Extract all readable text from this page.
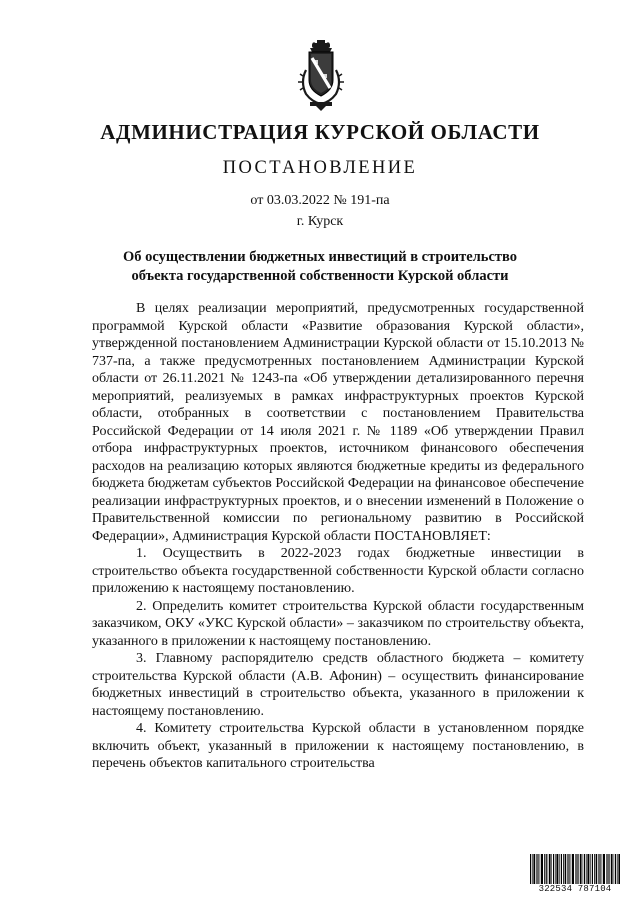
АДМИНИСТРАЦИЯ КУРСКОЙ ОБЛАСТИ
ПОСТАНОВЛЕНИЕ
от 03.03.2022 № 191-па
г. Курск
Об осуществлении бюджетных инвестиций в строительство
объекта государственной собственности Курской области

В целях реализации мероприятий, предусмотренных государственной программой Курской области «Развитие образования Курской области», утвержденной постановлением Администрации Курской области от 15.10.2013 № 737-па, а также предусмотренных постановлением Администрации Курской области от 26.11.2021 № 1243-па «Об утверждении детализированного перечня мероприятий, реализуемых в рамках инфраструктурных проектов Курской области, отобранных в соответствии с постановлением Правительства Российской Федерации от 14 июля 2021 г. № 1189 «Об утверждении Правил отбора инфраструктурных проектов, источником финансового обеспечения расходов на реализацию которых являются бюджетные кредиты из федерального бюджета бюджетам субъектов Российской Федерации на финансовое обеспечение реализации инфраструктурных проектов, и о внесении изменений в Положение о Правительственной комиссии по региональному развитию в Российской Федерации», Администрация Курской области ПОСТАНОВЛЯЕТ:

1. Осуществить в 2022-2023 годах бюджетные инвестиции в строительство объекта государственной собственности Курской области согласно приложению к настоящему постановлению.

2. Определить комитет строительства Курской области государственным заказчиком, ОКУ «УКС Курской области» – заказчиком по строительству объекта, указанного в приложении к настоящему постановлению.

3. Главному распорядителю средств областного бюджета – комитету строительства Курской области (А.В. Афонин) – осуществить финансирование бюджетных инвестиций в строительство объекта, указанного в приложении к настоящему постановлению.

4. Комитету строительства Курской области в установленном порядке включить объект, указанный в приложении к настоящему постановлению, в перечень объектов капитального строительства

322534 787104
